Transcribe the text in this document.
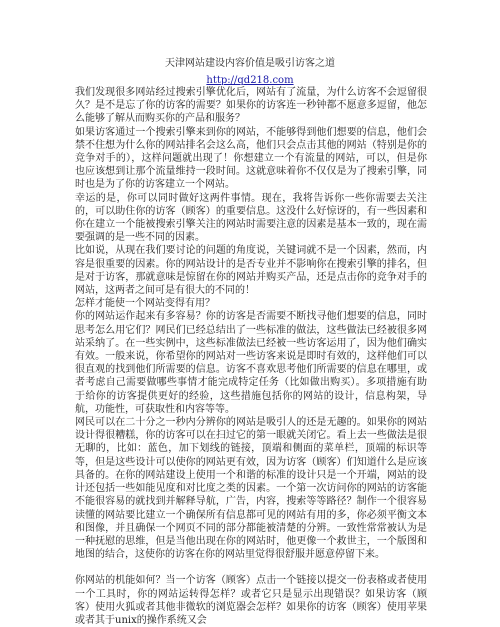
天津网站建设内容价值是吸引访客之道
http://qd218.com

我们发现很多网站经过搜索引擎优化后，网站有了流量，为什么访客不会逗留很久？是不是忘了你的访客的需要？如果你的访客连一秒钟都不愿意多逗留，他怎么能够了解从而购买你的产品和服务？

如果访客通过一个搜索引擎来到你的网站，不能够得到他们想要的信息，他们会禁不住想为什么你的网站排名会这么高，他们只会点击其他的网站（特别是你的竞争对手的），这样问题就出现了！你想建立一个有流量的网站，可以，但是你也应该想到让那个流量维持一段时间。这就意味着你不仅仅是为了搜索引擎，同时也是为了你的访客建立一个网站。

幸运的是，你可以同时做好这两件事情。现在，我将告诉你一些你需要去关注的，可以助住你的访客（顾客）的重要信息。这没什么好惊讶的，有一些因素和你在建立一个能被搜索引擎关注的网站时需要注意的因素是基本一致的，现在需要强调的是一些不同的因素。

比如说，从现在我们要讨论的问题的角度说，关键词就不是一个因素，然而，内容是很重要的因素。你的网站设计的是否专业并不影响你在搜索引擎的排名，但是对于访客，那就意味是惊留在你的网站并购买产品，还是点击你的竞争对手的网站，这两者之间可是有很大的不同的！

怎样才能使一个网站变得有用？

你的网站运作起来有多容易？你的访客是否需要不断找寻他们想要的信息，同时思考怎么用它们？网民们已经总结出了一些标准的做法，这些做法已经被很多网站采纳了。在一些实例中，这些标准做法已经被一些访客运用了，因为他们确实有效。一般来说，你希望你的网站对一些访客来说是即时有效的，这样他们可以很直观的找到他们所需要的信息。访客不喜欢思考他们所需要的信息在哪里，或者考虑自己需要做哪些事情才能完成特定任务（比如做出购买）。多项措施有助于给你的访客提供更好的经验，这些措施包括你的网站的设计，信息构架，导航，功能性，可获取性和内容等等。

网民可以在二十分之一秒内分辨你的网站是吸引人的还是无趣的。如果你的网站设计得很糟糕，你的访客可以在扫过它的第一眼就关闭它。看上去一些做法是很无聊的，比如：蓝色，加下划线的链接，顶端和侧面的菜单栏，顶端的标识等等，但是这些设计可以使你的网站更有效，因为访客（顾客）们知道什么是应该具备的。在你的网站建设上使用一个和谐的标准的设计只是一个开端，网站的设计还包括一些如能见度和对比度之类的因素。一个第一次访问你的网站的访客能不能很容易的就找到并解释导航，广告，内容，搜索等等路径？制作一个很容易读懂的网站要比建立一个确保所有信息都可见的网站有用的多，你必须平衡文本和图像，并且确保一个网页不同的部分都能被清楚的分辨。一致性常常被认为是一种抚慰的思维，但是当他出现在你的网站时，他更像一个救世主，一个版图和地图的结合，这使你的访客在你的网站里觉得很舒服并愿意停留下来。

你网站的机能如何？当一个访客（顾客）点击一个链接以提交一份表格或者使用一个工具时，你的网站运转得怎样？或者它只是显示出现错误？如果访客（顾客）使用火狐或者其他非微软的浏览器会怎样？如果你的访客（顾客）使用苹果或者其于unix的操作系统又会
